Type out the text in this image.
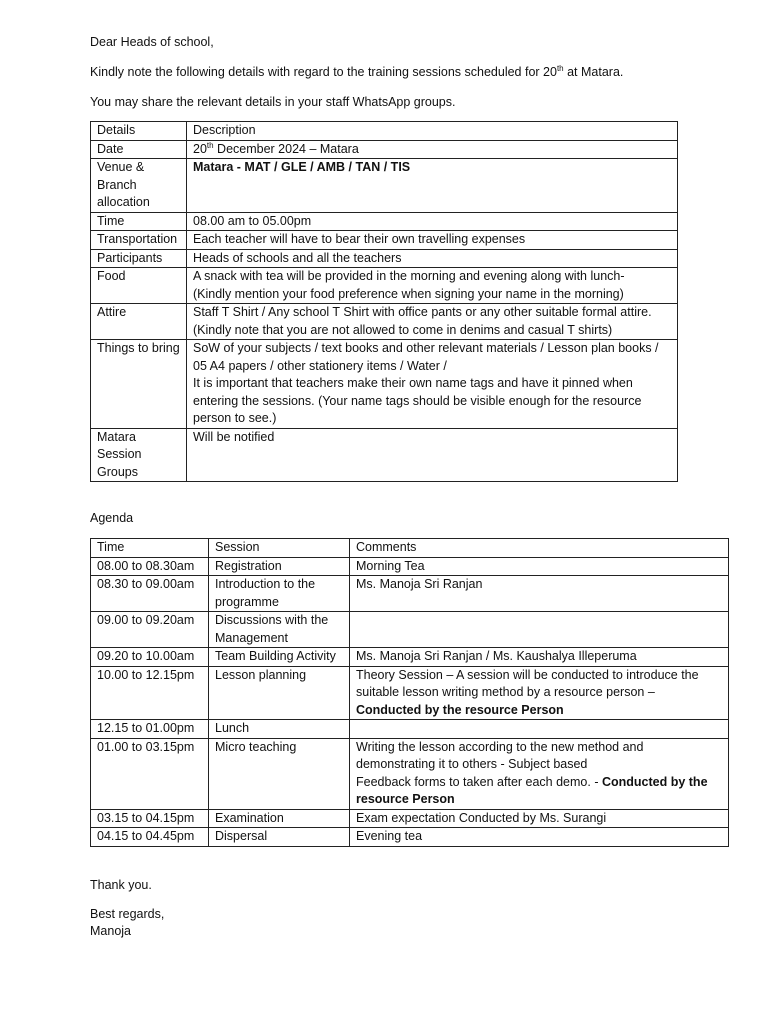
Dear Heads of school,

Kindly note the following details with regard to the training sessions scheduled for 20th at Matara.

You may share the relevant details in your staff WhatsApp groups.

Details	Description
Date	20th December 2024 – Matara
Venue & Branch allocation	Matara - MAT / GLE / AMB / TAN / TIS
Time	08.00 am to 05.00pm
Transportation	Each teacher will have to bear their own travelling expenses
Participants	Heads of schools and all the teachers
Food	A snack with tea will be provided in the morning and evening along with lunch-
(Kindly mention your food preference when signing your name in the morning)

Attire	Staff T Shirt / Any school T Shirt with office pants or any other suitable formal attire.
(Kindly note that you are not allowed to come in denims and casual T shirts)

Things to bring	SoW of your subjects / text books and other relevant materials / Lesson plan books / 05 A4 papers / other stationery items / Water /
It is important that teachers make their own name tags and have it pinned when entering the sessions. (Your name tags should be visible enough for the resource person to see.)

Matara Session Groups	Will be notified

Agenda

Time	Session	Comments
08.00 to 08.30am	Registration	Morning Tea
08.30 to 09.00am	Introduction to the programme	Ms. Manoja Sri Ranjan
09.00 to 09.20am	Discussions with the Management	
09.20 to 10.00am	Team Building Activity	Ms. Manoja Sri Ranjan / Ms. Kaushalya Illeperuma
10.00 to 12.15pm	Lesson planning	Theory Session – A session will be conducted to introduce the suitable lesson writing method by a resource person –
Conducted by the resource Person
12.15 to 01.00pm	Lunch	
01.00 to 03.15pm	Micro teaching	Writing the lesson according to the new method and demonstrating it to others - Subject based
Feedback forms to taken after each demo. - Conducted by the resource Person
03.15 to 04.15pm	Examination	Exam expectation Conducted by Ms. Surangi
04.15 to 04.45pm	Dispersal	Evening tea

Thank you.

Best regards,

Manoja
